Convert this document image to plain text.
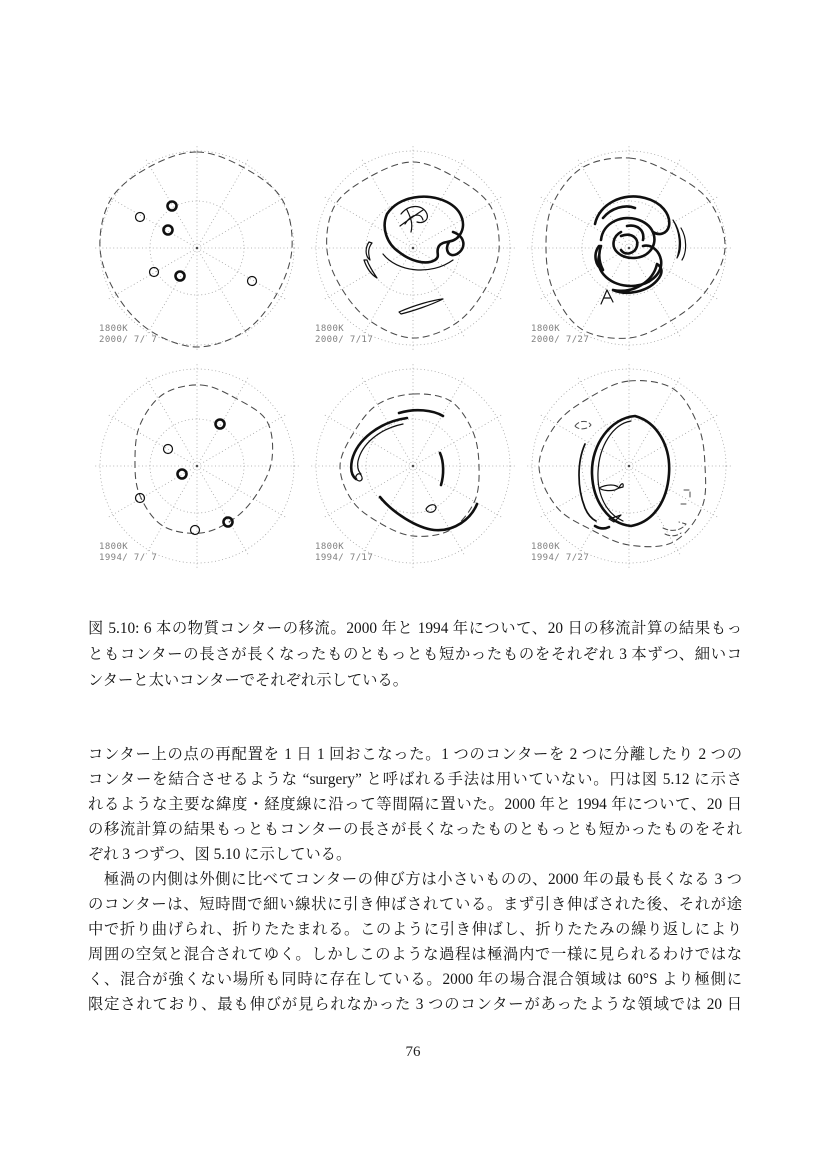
1800K
2000/ 7/ 7
1800K
2000/ 7/17
1800K
2000/ 7/27
1800K
1994/ 7/ 7
1800K
1994/ 7/17
1800K
1994/ 7/27
図 5.10: 6 本の物質コンターの移流。2000 年と 1994 年について、20 日の移流計算の結果もっ
ともコンターの長さが長くなったものともっとも短かったものをそれぞれ 3 本ずつ、細いコ
ンターと太いコンターでそれぞれ示している。
コンター上の点の再配置を 1 日 1 回おこなった。1 つのコンターを 2 つに分離したり 2 つの
コンターを結合させるような “surgery” と呼ばれる手法は用いていない。円は図 5.12 に示さ
れるような主要な緯度・経度線に沿って等間隔に置いた。2000 年と 1994 年について、20 日
の移流計算の結果もっともコンターの長さが長くなったものともっとも短かったものをそれ
ぞれ 3 つずつ、図 5.10 に示している。
　極渦の内側は外側に比べてコンターの伸び方は小さいものの、2000 年の最も長くなる 3 つ
のコンターは、短時間で細い線状に引き伸ばされている。まず引き伸ばされた後、それが途
中で折り曲げられ、折りたたまれる。このように引き伸ばし、折りたたみの繰り返しにより
周囲の空気と混合されてゆく。しかしこのような過程は極渦内で一様に見られるわけではな
く、混合が強くない場所も同時に存在している。2000 年の場合混合領域は 60°S より極側に
限定されており、最も伸びが見られなかった 3 つのコンターがあったような領域では 20 日
76
